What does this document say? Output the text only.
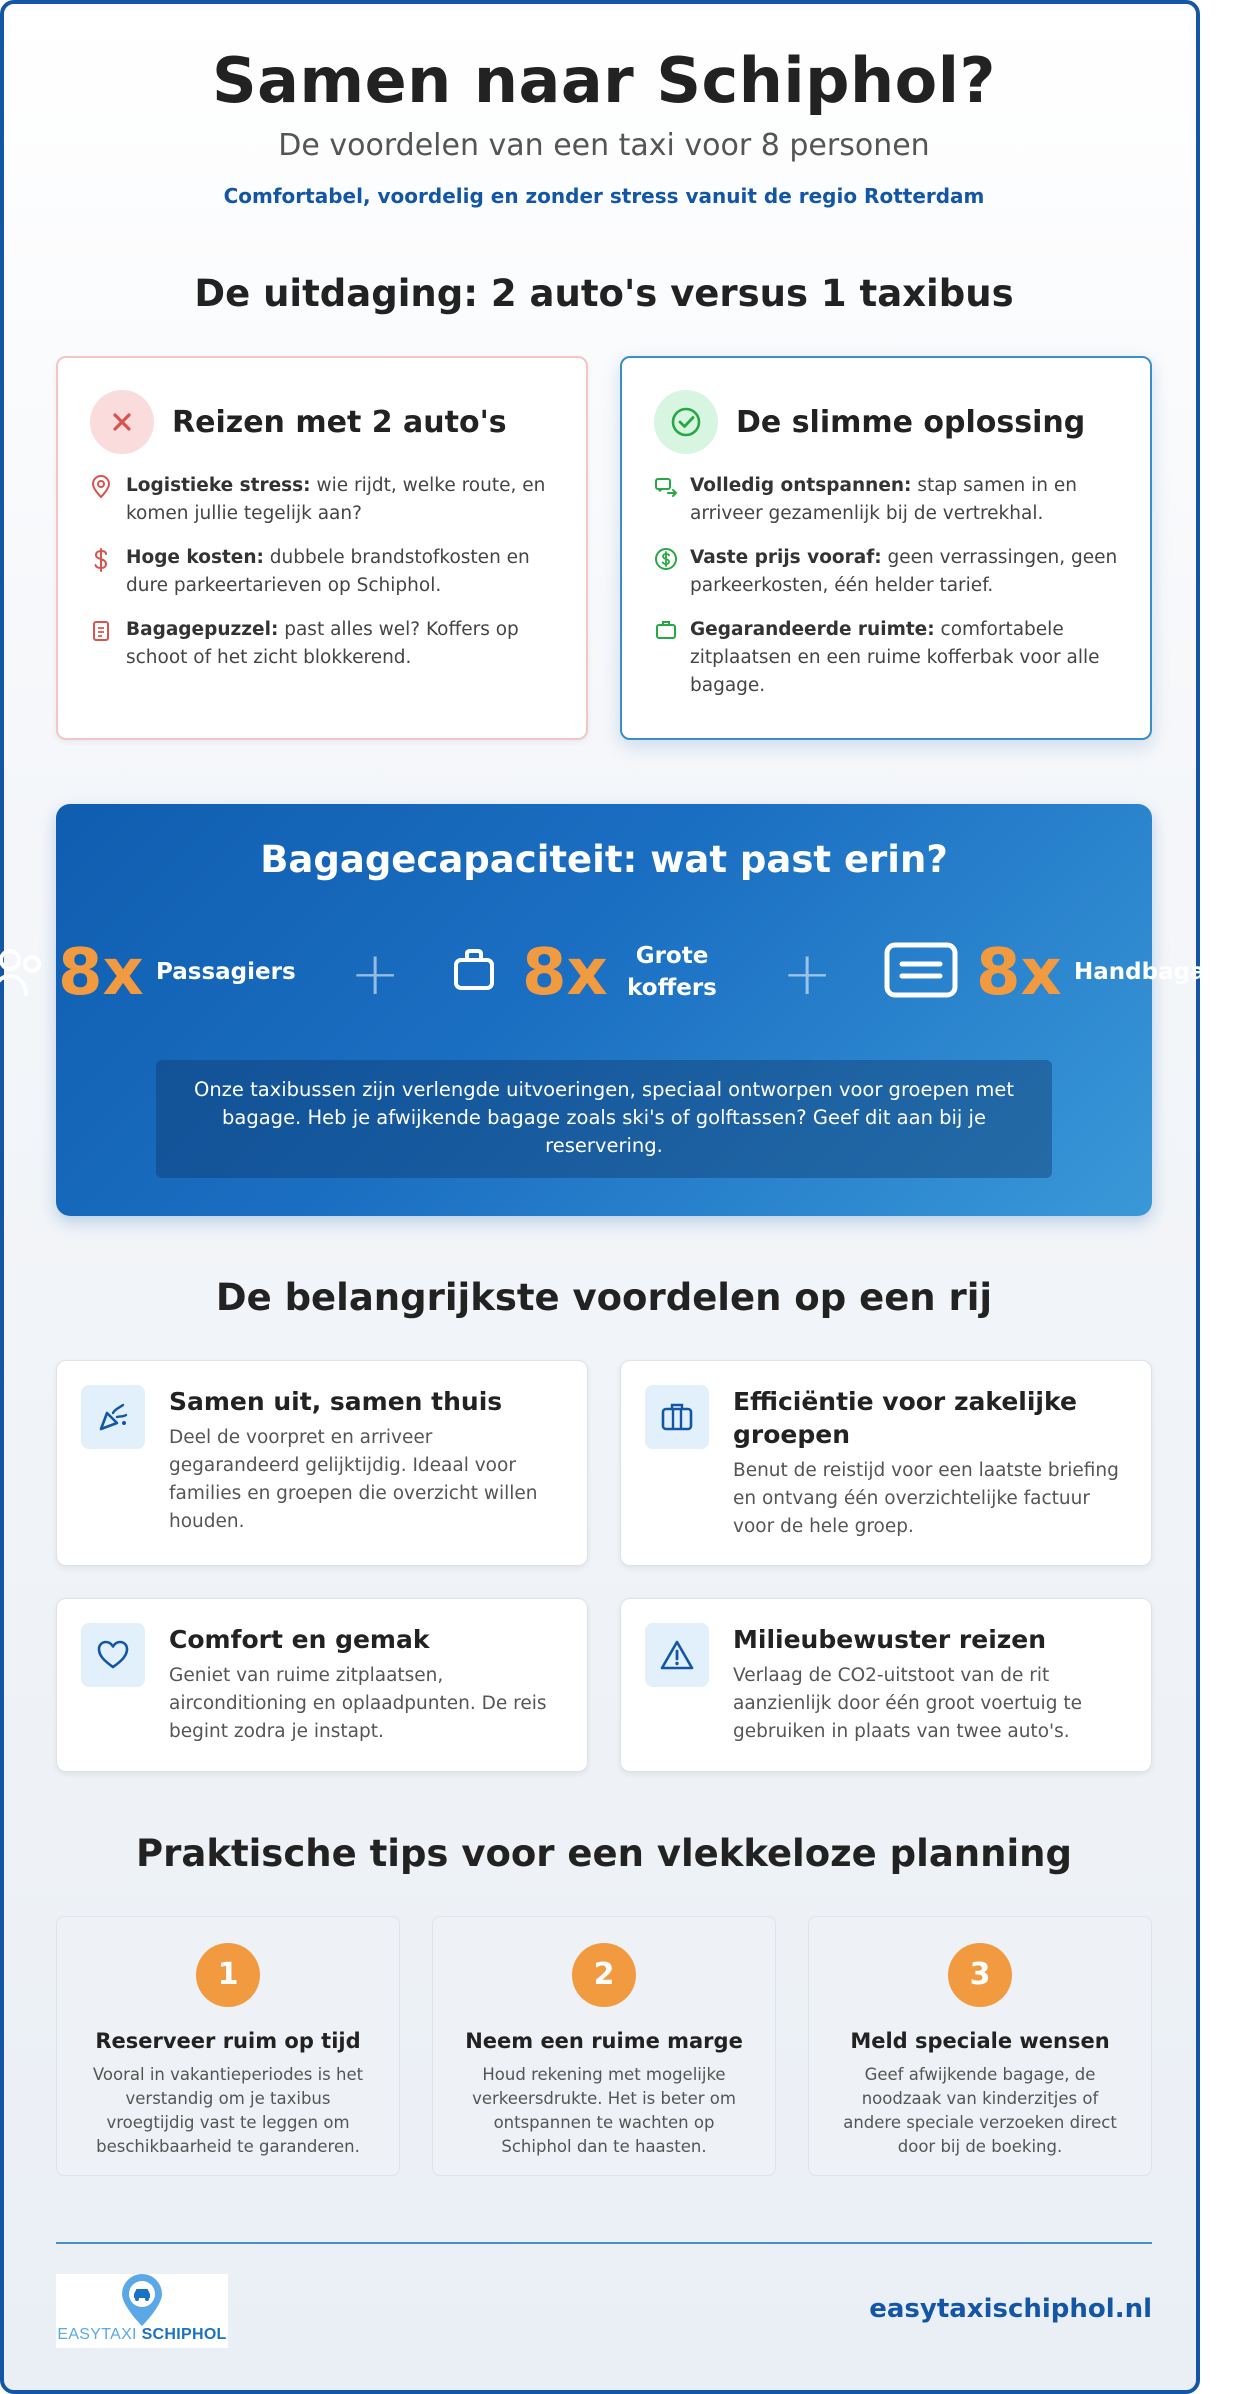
Samen naar Schiphol?
De voordelen van een taxi voor 8 personen
Comfortabel, voordelig en zonder stress vanuit de regio Rotterdam
De uitdaging: 2 auto's versus 1 taxibus
Reizen met 2 auto's
Logistieke stress: wie rijdt, welke route, en komen jullie tegelijk aan?
Hoge kosten: dubbele brandstofkosten en dure parkeertarieven op Schiphol.
Bagagepuzzel: past alles wel? Koffers op schoot of het zicht blokkerend.
De slimme oplossing
Volledig ontspannen: stap samen in en arriveer gezamenlijk bij de vertrekhal.
Vaste prijs vooraf: geen verrassingen, geen parkeerkosten, één helder tarief.
Gegarandeerde ruimte: comfortabele zitplaatsen en een ruime kofferbak voor alle bagage.
Bagagecapaciteit: wat past erin?
8x Passagiers + 8x	Grote koffers + 8x Handbagage
Onze taxibussen zijn verlengde uitvoeringen, speciaal ontworpen voor groepen met bagage. Heb je afwijkende bagage zoals ski's of golftassen? Geef dit aan bij je reservering.
De belangrijkste voordelen op een rij
Samen uit, samen thuis
Deel de voorpret en arriveer gegarandeerd gelijktijdig. Ideaal voor families en groepen die overzicht willen houden.
Efficiëntie voor zakelijke groepen
Benut de reistijd voor een laatste briefing en ontvang één overzichtelijke factuur voor de hele groep.
Comfort en gemak
Geniet van ruime zitplaatsen, airconditioning en oplaadpunten. De reis begint zodra je instapt.
Milieubewuster reizen
Verlaag de CO2-uitstoot van de rit aanzienlijk door één groot voertuig te gebruiken in plaats van twee auto's.
Praktische tips voor een vlekkeloze planning
1
Reserveer ruim op tijd
Vooral in vakantieperiodes is het verstandig om je taxibus vroegtijdig vast te leggen om beschikbaarheid te garanderen.
2
Neem een ruime marge
Houd rekening met mogelijke verkeersdrukte. Het is beter om ontspannen te wachten op Schiphol dan te haasten.
3
Meld speciale wensen
Geef afwijkende bagage, de noodzaak van kinderzitjes of andere speciale verzoeken direct door bij de boeking.
EASYTAXI SCHIPHOL
easytaxischiphol.nl
